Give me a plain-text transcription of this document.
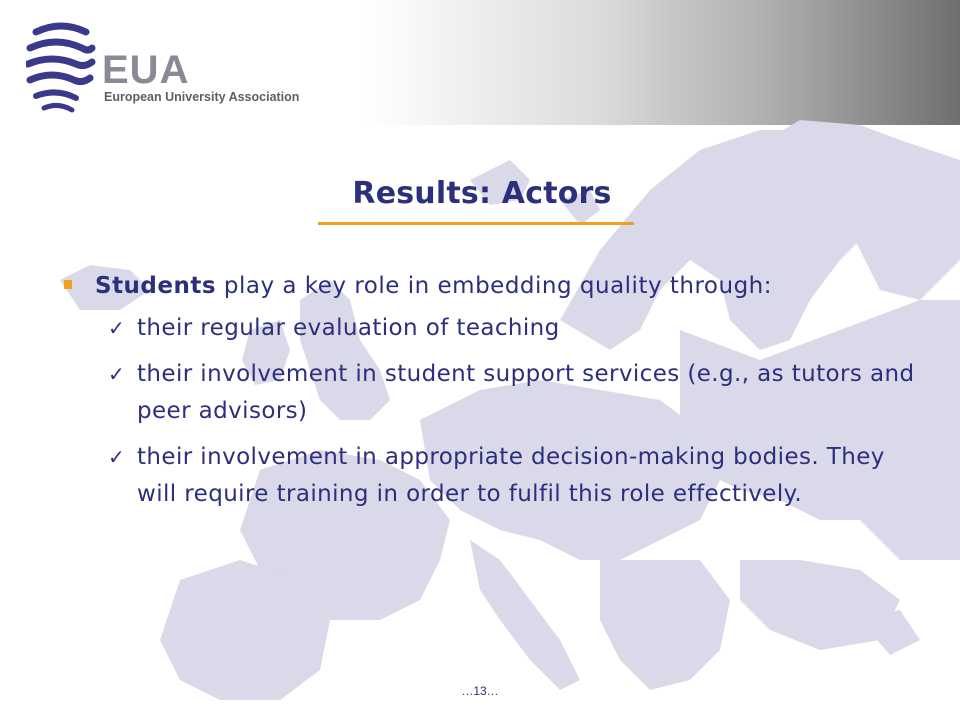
EUA
European University Association
Results: Actors
Students play a key role in embedding quality through:
✓ their regular evaluation of teaching
✓ their involvement in student support services (e.g., as tutors and peer advisors)
✓ their involvement in appropriate decision-making bodies. They will require training in order to fulfil this role effectively.
…13…
